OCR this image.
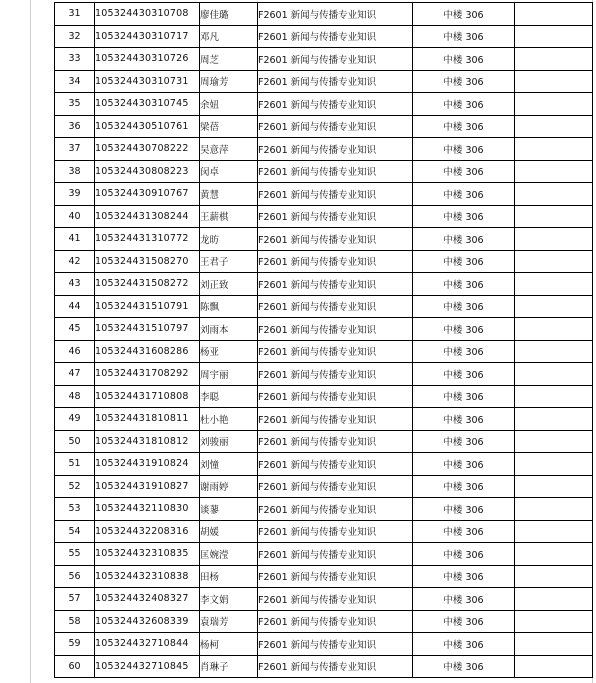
31	105324430310708	廖佳璐	F2601 新闻与传播专业知识	中楼 306	
32	105324430310717	邓凡	F2601 新闻与传播专业知识	中楼 306	
33	105324430310726	周芝	F2601 新闻与传播专业知识	中楼 306	
34	105324430310731	周瑜芳	F2601 新闻与传播专业知识	中楼 306	
35	105324430310745	余妞	F2601 新闻与传播专业知识	中楼 306	
36	105324430510761	梁蓓	F2601 新闻与传播专业知识	中楼 306	
37	105324430708222	吴意萍	F2601 新闻与传播专业知识	中楼 306	
38	105324430808223	闵卓	F2601 新闻与传播专业知识	中楼 306	
39	105324430910767	黄慧	F2601 新闻与传播专业知识	中楼 306	
40	105324431308244	王薪棋	F2601 新闻与传播专业知识	中楼 306	
41	105324431310772	龙昉	F2601 新闻与传播专业知识	中楼 306	
42	105324431508270	王君子	F2601 新闻与传播专业知识	中楼 306	
43	105324431508272	刘正致	F2601 新闻与传播专业知识	中楼 306	
44	105324431510791	陈飘	F2601 新闻与传播专业知识	中楼 306	
45	105324431510797	刘雨本	F2601 新闻与传播专业知识	中楼 306	
46	105324431608286	杨亚	F2601 新闻与传播专业知识	中楼 306	
47	105324431708292	周宇丽	F2601 新闻与传播专业知识	中楼 306	
48	105324431710808	李聪	F2601 新闻与传播专业知识	中楼 306	
49	105324431810811	杜小艳	F2601 新闻与传播专业知识	中楼 306	
50	105324431810812	刘骏丽	F2601 新闻与传播专业知识	中楼 306	
51	105324431910824	刘憧	F2601 新闻与传播专业知识	中楼 306	
52	105324431910827	谢雨婷	F2601 新闻与传播专业知识	中楼 306	
53	105324432110830	谈蓼	F2601 新闻与传播专业知识	中楼 306	
54	105324432208316	胡媛	F2601 新闻与传播专业知识	中楼 306	
55	105324432310835	匡婉滢	F2601 新闻与传播专业知识	中楼 306	
56	105324432310838	田杨	F2601 新闻与传播专业知识	中楼 306	
57	105324432408327	李文娟	F2601 新闻与传播专业知识	中楼 306	
58	105324432608339	袁瑞芳	F2601 新闻与传播专业知识	中楼 306	
59	105324432710844	杨柯	F2601 新闻与传播专业知识	中楼 306	
60	105324432710845	肖琳子	F2601 新闻与传播专业知识	中楼 306	
